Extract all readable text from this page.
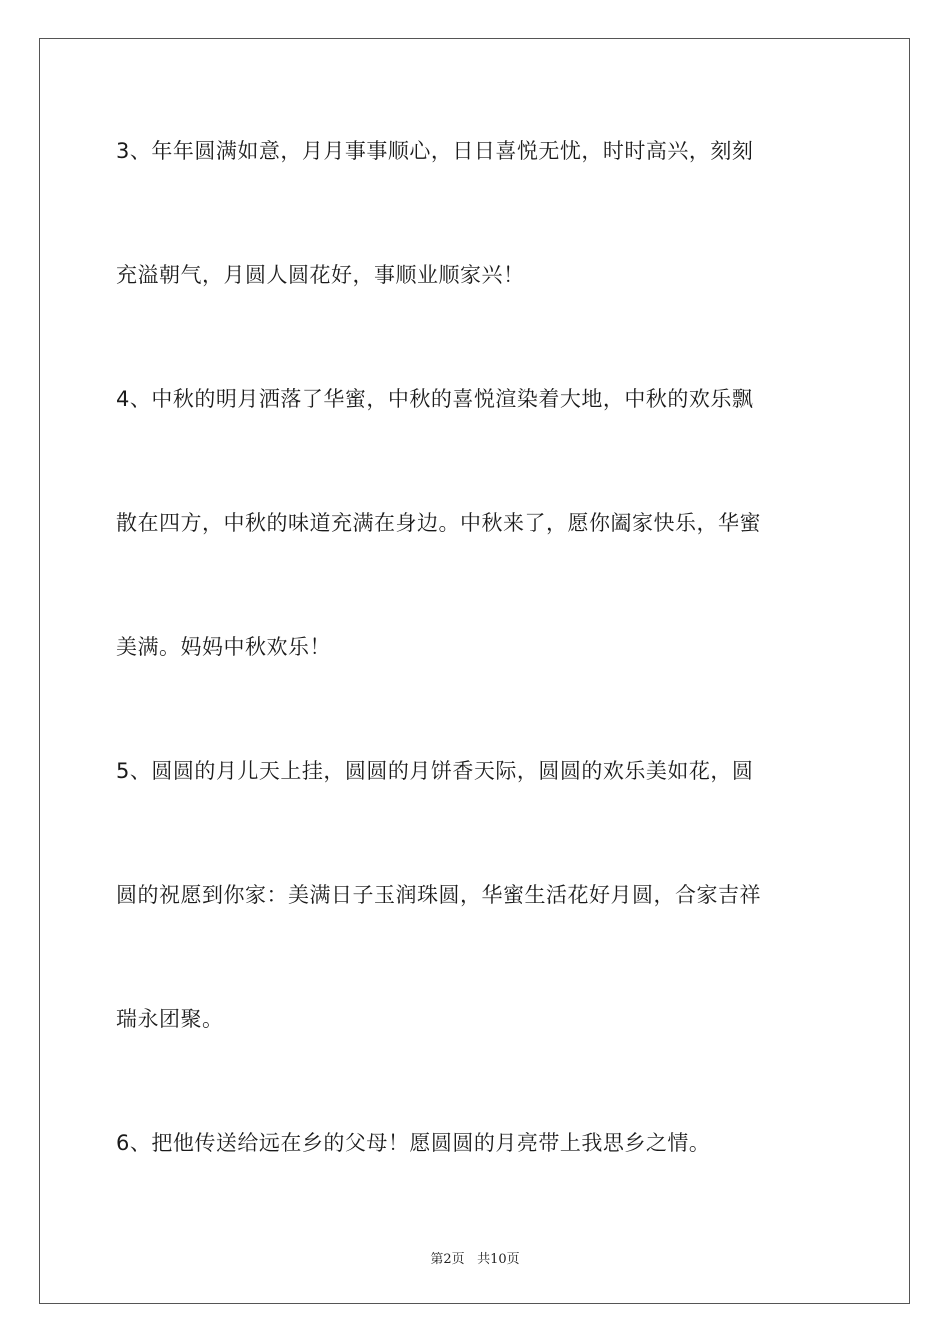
3、年年圆满如意，月月事事顺心，日日喜悦无忧，时时高兴，刻刻
充溢朝气，月圆人圆花好，事顺业顺家兴！
4、中秋的明月洒落了华蜜，中秋的喜悦渲染着大地，中秋的欢乐飘
散在四方，中秋的味道充满在身边。中秋来了，愿你阖家快乐，华蜜
美满。妈妈中秋欢乐！
5、圆圆的月儿天上挂，圆圆的月饼香天际，圆圆的欢乐美如花，圆
圆的祝愿到你家：美满日子玉润珠圆，华蜜生活花好月圆，合家吉祥
瑞永团聚。
6、把他传送给远在乡的父母！愿圆圆的月亮带上我思乡之情。
第2页 共10页
